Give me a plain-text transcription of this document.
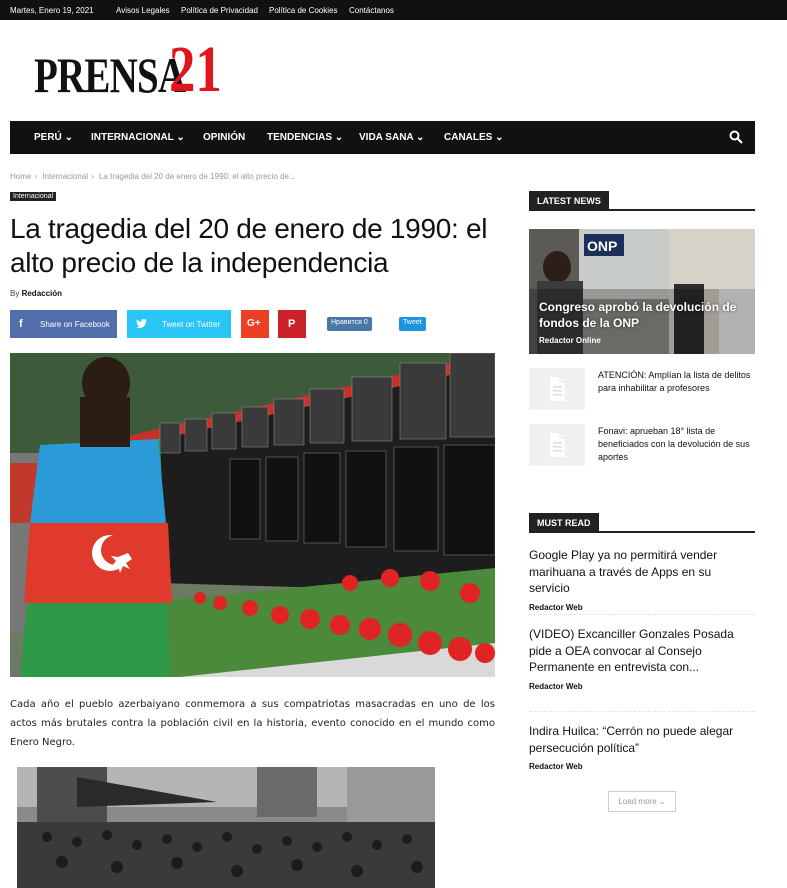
Martes, Enero 19, 2021	Avisos Legales Política de Privacidad Política de Cookies Contáctanos
PRENSA
21
PERÚ ⌄ INTERNACIONAL ⌄ OPINIÓN TENDENCIAS ⌄ VIDA SANA ⌄ CANALES ⌄
Home › Internacional › La tragedia del 20 de enero de 1990: el alto precio de...
Internacional
La tragedia del 20 de enero de 1990: el alto precio de la independencia
By Redacción
f Share on Facebook	Tweet on Twitter	G+ P	Нравится 0	Tweet

Cada año el pueblo azerbaiyano conmemora a sus compatriotas masacradas en uno de los actos más brutales contra la población civil en la historia, evento conocido en el mundo como Enero Negro.

LATEST NEWS
ONP
Congreso aprobó la devolución de fondos de la ONP
Redactor Online
ATENCIÓN: Amplían la lista de delitos para inhabilitar a profesores
Fonavi: aprueban 18° lista de beneficiados con la devolución de sus aportes
MUST READ
Google Play ya no permitirá vender marihuana a través de Apps en su servicio
Redactor Web
(VIDEO) Excanciller Gonzales Posada pide a OEA convocar al Consejo Permanente en entrevista con...
Redactor Web
Indira Huilca: “Cerrón no puede alegar persecución política”
Redactor Web
Load more ⌄
